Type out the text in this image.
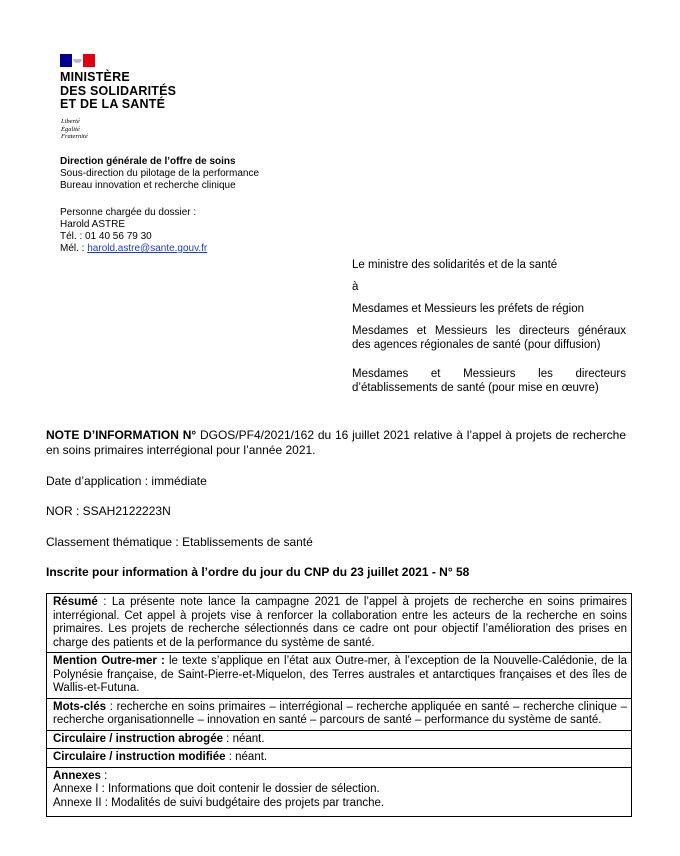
MINISTÈRE
DES SOLIDARITÉS
ET DE LA SANTÉ
Liberté
Égalité
Fraternité
Direction générale de l’offre de soins
Sous-direction du pilotage de la performance
Bureau innovation et recherche clinique
Personne chargée du dossier :
Harold ASTRE
Tél. : 01 40 56 79 30
Mél. : harold.astre@sante.gouv.fr

Le ministre des solidarités et de la santé

à

Mesdames et Messieurs les préfets de région

Mesdames et Messieurs les directeurs généraux

des agences régionales de santé (pour diffusion)

Mesdames et Messieurs les directeurs

d’établissements de santé (pour mise en œuvre)

NOTE D’INFORMATION N° DGOS/PF4/2021/162 du 16 juillet 2021 relative à l’appel à projets de recherche en soins primaires interrégional pour l’année 2021.
Date d’application : immédiate
NOR : SSAH2122223N
Classement thématique : Etablissements de santé
Inscrite pour information à l’ordre du jour du CNP du 23 juillet 2021 - N° 58
Résumé : La présente note lance la campagne 2021 de l’appel à projets de recherche en soins primaires interrégional. Cet appel à projets vise à renforcer la collaboration entre les acteurs de la recherche en soins primaires. Les projets de recherche sélectionnés dans ce cadre ont pour objectif l’amélioration des prises en charge des patients et de la performance du système de santé.
Mention Outre-mer : le texte s’applique en l’état aux Outre-mer, à l’exception de la Nouvelle-Calédonie, de la Polynésie française, de Saint-Pierre-et-Miquelon, des Terres australes et antarctiques françaises et des îles de Wallis-et-Futuna.
Mots-clés : recherche en soins primaires – interrégional – recherche appliquée en santé – recherche clinique – recherche organisationnelle – innovation en santé – parcours de santé – performance du système de santé.
Circulaire / instruction abrogée : néant.
Circulaire / instruction modifiée : néant.
Annexes :
Annexe I : Informations que doit contenir le dossier de sélection.
Annexe II : Modalités de suivi budgétaire des projets par tranche.
